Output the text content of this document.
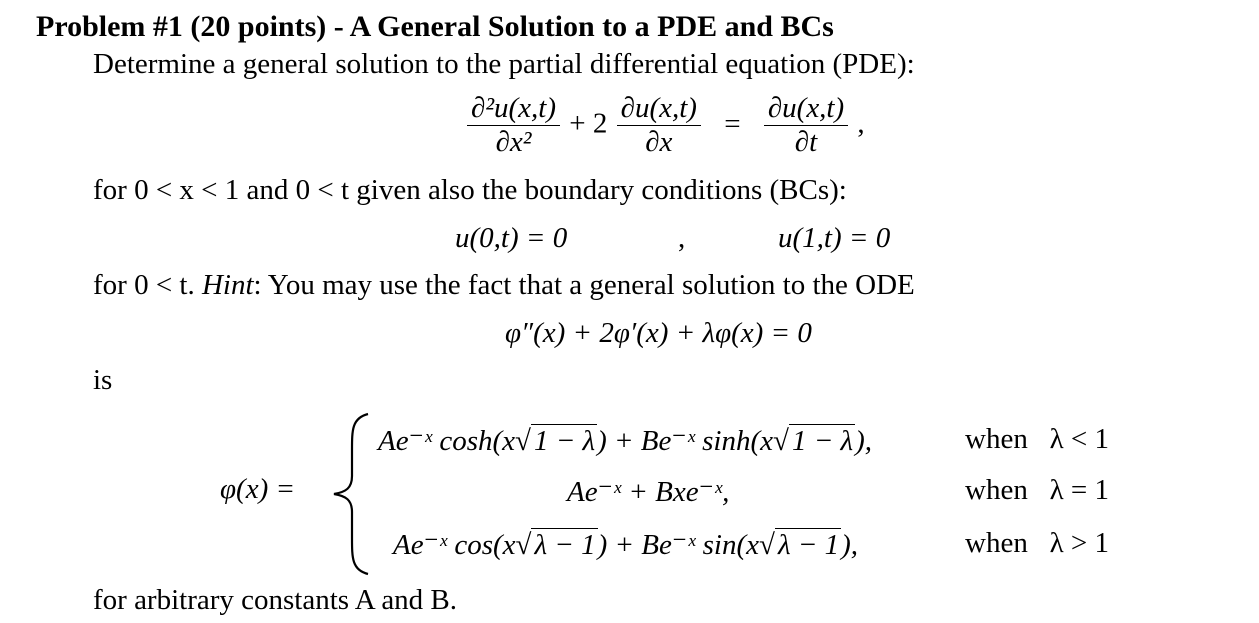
Problem #1 (20 points) - A General Solution to a PDE and BCs
Determine a general solution to the partial differential equation (PDE):
$\frac{\text{∂²u(x,t)}}{\text{∂x²}} + 2 \frac{\partial u(x,t)}{\partial x} = \frac{\partial u(x,t)}{\partial t}$ ,
for 0 < x < 1 and 0 < t given also the boundary conditions (BCs):
u(0,t) = 0	,	u(1,t) = 0
for 0 < t. Hint: You may use the fact that a general solution to the ODE
φ″(x) + 2φ′(x) + λφ(x) = 0
is
φ(x) =
Ae⁻ˣ cosh(x√ 1 − λ) + Be⁻ˣ sinh(x√ 1 − λ),	when   λ < 1
Ae⁻ˣ + Bxe⁻ˣ,	when   λ = 1
Ae⁻ˣ cos(x√ λ − 1) + Be⁻ˣ sin(x√ λ − 1),	when   λ > 1
for arbitrary constants A and B.
